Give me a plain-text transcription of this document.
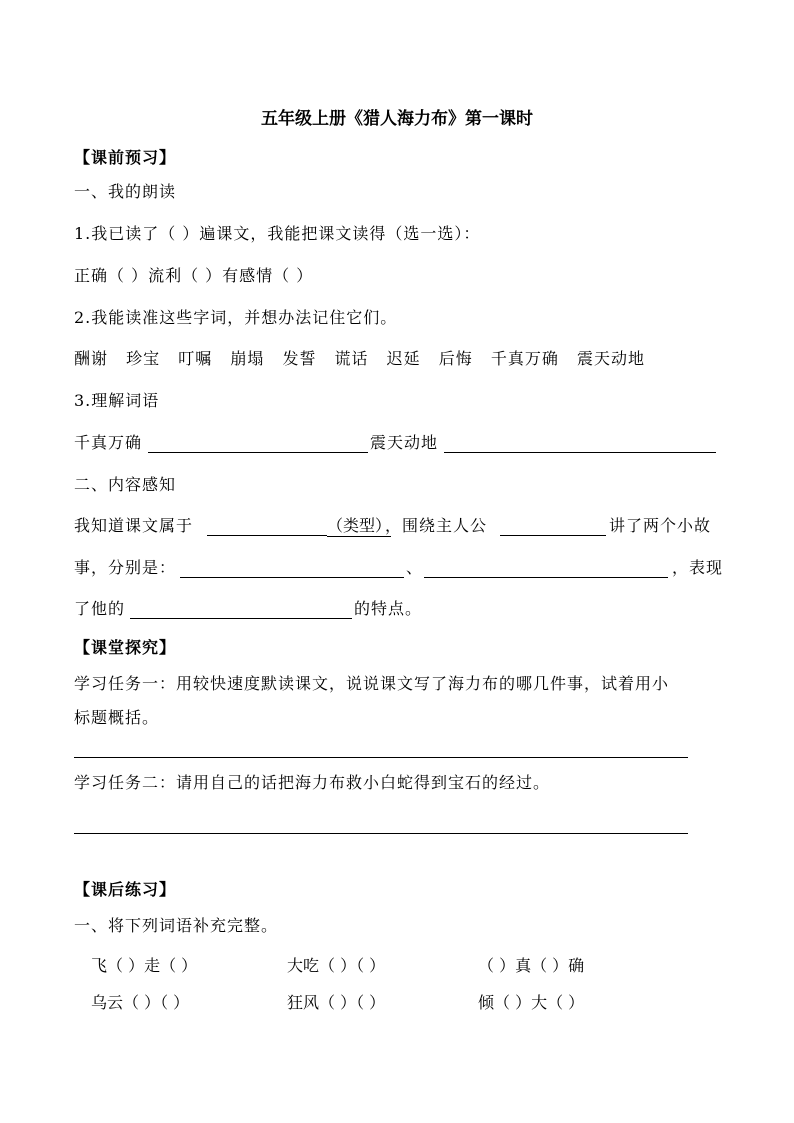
五年级上册《猎人海力布》第一课时
【课前预习】
一、我的朗读
1.我已读了（ ）遍课文，我能把课文读得（选一选）：
正确（ ）流利（ ）有感情（ ）
2.我能读准这些字词，并想办法记住它们。
酬谢 珍宝 叮嘱 崩塌 发誓 谎话 迟延 后悔 千真万确 震天动地
3.理解词语
千真万确	震天动地
二、内容感知
我知道课文属于	（类型）
，围绕主人公	讲了两个小故
事，分别是：	、	，表现
了他的	的特点。
【课堂探究】
学习任务一：用较快速度默读课文，说说课文写了海力布的哪几件事，试着用小
标题概括。
学习任务二：请用自己的话把海力布救小白蛇得到宝石的经过。
【课后练习】
一、将下列词语补充完整。
飞（ ）走（ ）	大吃（ ）（ ）	（ ）真（ ）确
乌云（ ）（ ）	狂风（ ）（ ）	倾（ ）大（ ）
